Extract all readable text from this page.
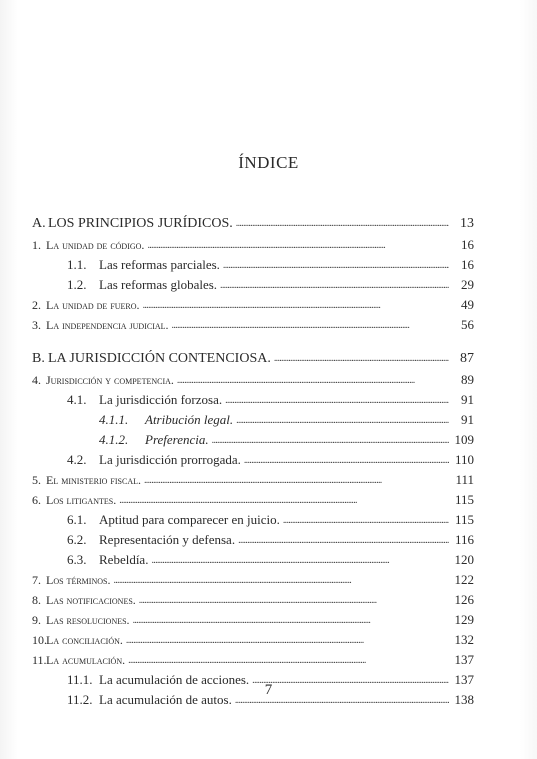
ÍNDICE
A. LOS PRINCIPIOS JURÍDICOS. . . .	13
1. La unidad de código. . . .	16
1.1. Las reformas parciales. . . .	16
1.2. Las reformas globales. . . .	29
2. La unidad de fuero. . . .	49
3. La independencia judicial. . . .	56
B. LA JURISDICCIÓN CONTENCIOSA. . . .	87
4. Jurisdicción y competencia. . . .	89
4.1. La jurisdicción forzosa. . . .	91
4.1.1.	Atribución legal. . . .	91
4.1.2.	Preferencia. . . .	109
4.2. La jurisdicción prorrogada. . . .	110
5. El ministerio fiscal. . . .	111
6. Los litigantes. . . .	115
6.1. Aptitud para comparecer en juicio. . . .	115
6.2. Representación y defensa. . . .	116
6.3. Rebeldía. . . .	120
7. Los términos. . . .	122
8. Las notificaciones. . . .	126
9. Las resoluciones. . . .	129
10. La conciliación. . . .	132
11. La acumulación. . . .	137
11.1. La acumulación de acciones. . . .	137
11.2. La acumulación de autos. . . .	138
7
